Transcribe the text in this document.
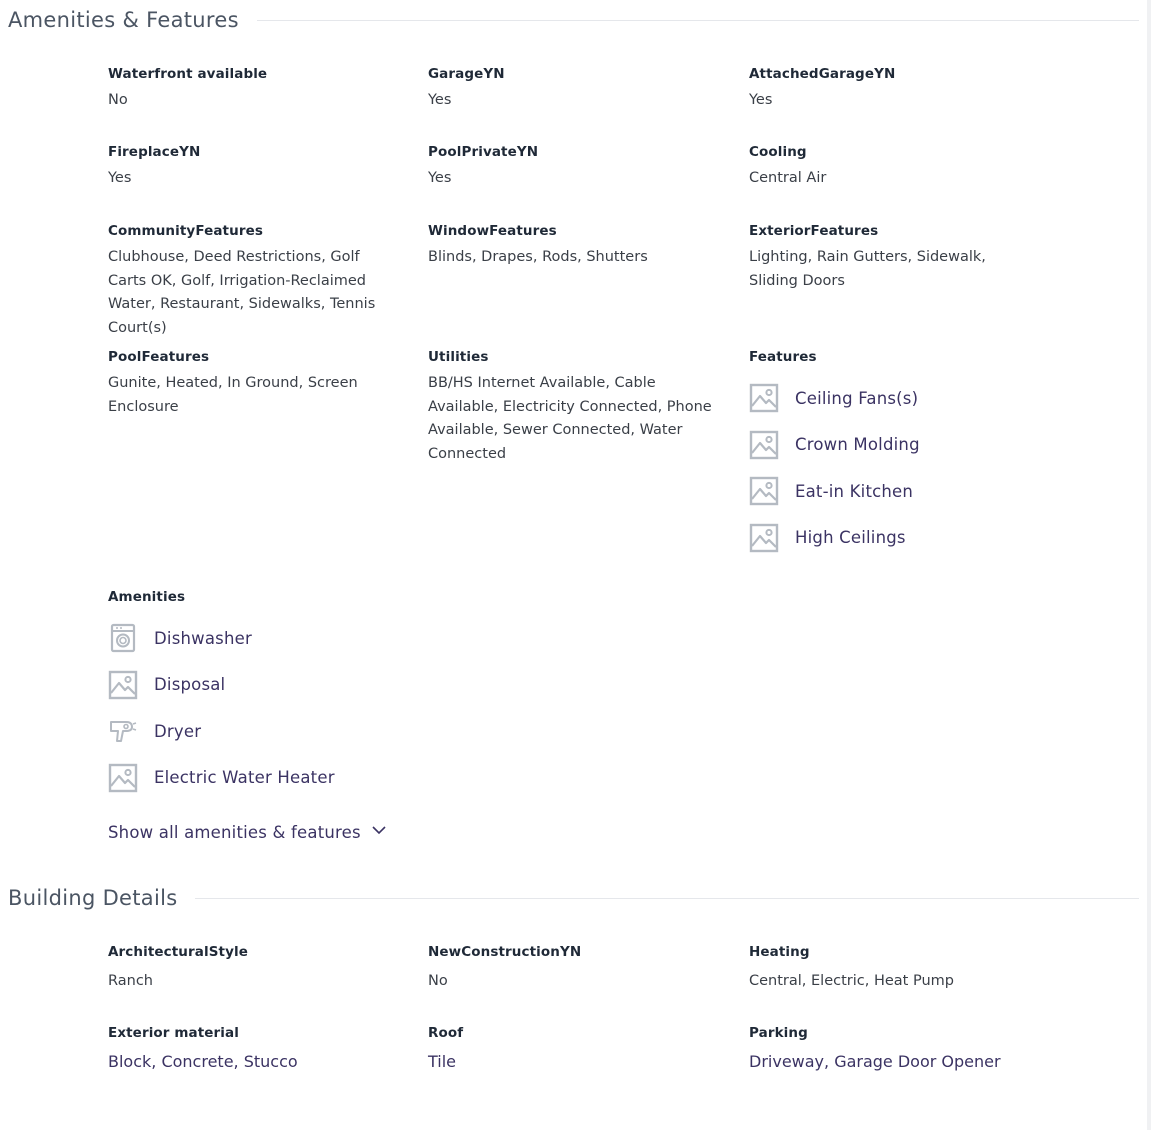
Amenities & Features
Waterfront available
No
GarageYN
Yes
AttachedGarageYN
Yes
FireplaceYN
Yes
PoolPrivateYN
Yes
Cooling
Central Air
CommunityFeatures
Clubhouse, Deed Restrictions, Golf Carts OK, Golf, Irrigation-Reclaimed Water, Restaurant, Sidewalks, Tennis Court(s)
WindowFeatures
Blinds, Drapes, Rods, Shutters
ExteriorFeatures
Lighting, Rain Gutters, Sidewalk, Sliding Doors
PoolFeatures
Gunite, Heated, In Ground, Screen Enclosure
Utilities
BB/HS Internet Available, Cable Available, Electricity Connected, Phone Available, Sewer Connected, Water Connected
Features
Ceiling Fans(s)
Crown Molding
Eat-in Kitchen
High Ceilings
Amenities
Dishwasher
Disposal
Dryer
Electric Water Heater
Show all amenities & features
Building Details
ArchitecturalStyle
Ranch
NewConstructionYN
No
Heating
Central, Electric, Heat Pump
Exterior material
Block, Concrete, Stucco
Roof
Tile
Parking
Driveway, Garage Door Opener
